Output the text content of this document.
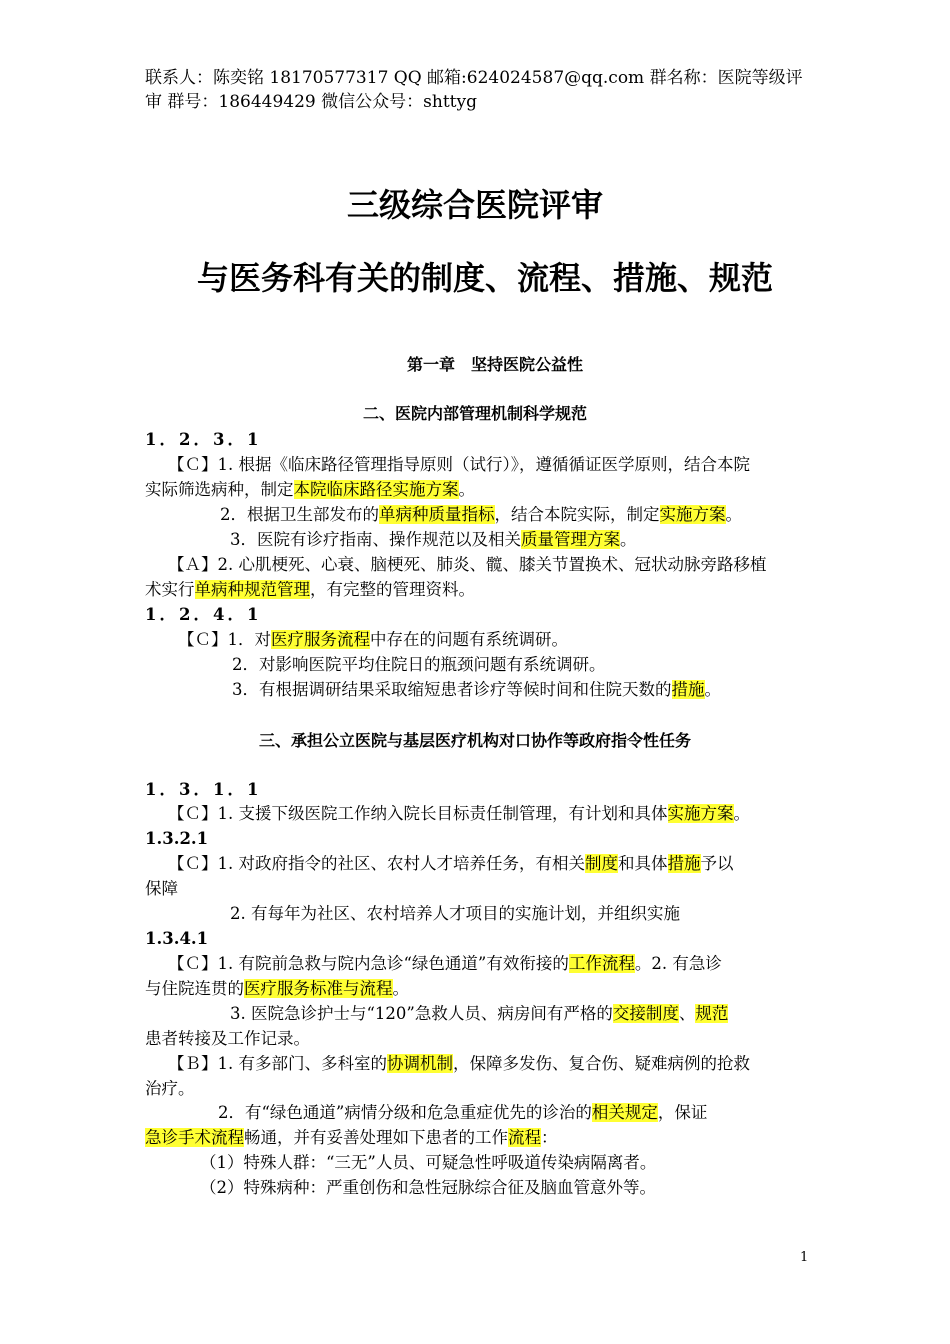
联系人：陈奕铭 18170577317 QQ 邮箱:624024587@qq.com 群名称：医院等级评
审 群号：186449429 微信公众号：shttyg
三级综合医院评审
与医务科有关的制度、流程、措施、规范
第一章　坚持医院公益性
二、医院内部管理机制科学规范
1．2．3．1
【Ｃ】1. 根据《临床路径管理指导原则（试行）》，遵循循证医学原则，结合本院
实际筛选病种，制定本院临床路径实施方案。
2．根据卫生部发布的单病种质量指标，结合本院实际，制定实施方案。
3．医院有诊疗指南、操作规范以及相关质量管理方案。
【Ａ】2. 心肌梗死、心衰、脑梗死、肺炎、髋、膝关节置换术、冠状动脉旁路移植
术实行单病种规范管理，有完整的管理资料。
1．2．4．1
【Ｃ】1．对医疗服务流程中存在的问题有系统调研。
2．对影响医院平均住院日的瓶颈问题有系统调研。
3．有根据调研结果采取缩短患者诊疗等候时间和住院天数的措施。
三、承担公立医院与基层医疗机构对口协作等政府指令性任务
1．3．1．1
【Ｃ】1. 支援下级医院工作纳入院长目标责任制管理，有计划和具体实施方案。
1.3.2.1
【Ｃ】1. 对政府指令的社区、农村人才培养任务，有相关制度和具体措施予以
保障
2. 有每年为社区、农村培养人才项目的实施计划，并组织实施
1.3.4.1
【Ｃ】1. 有院前急救与院内急诊“绿色通道”有效衔接的工作流程。2. 有急诊
与住院连贯的医疗服务标准与流程。
3. 医院急诊护士与“120”急救人员、病房间有严格的交接制度、规范
患者转接及工作记录。
【Ｂ】1. 有多部门、多科室的协调机制，保障多发伤、复合伤、疑难病例的抢救
治疗。
2．有“绿色通道”病情分级和危急重症优先的诊治的相关规定，保证
急诊手术流程畅通，并有妥善处理如下患者的工作流程：
（1）特殊人群：“三无”人员、可疑急性呼吸道传染病隔离者。
（2）特殊病种：严重创伤和急性冠脉综合征及脑血管意外等。
1
